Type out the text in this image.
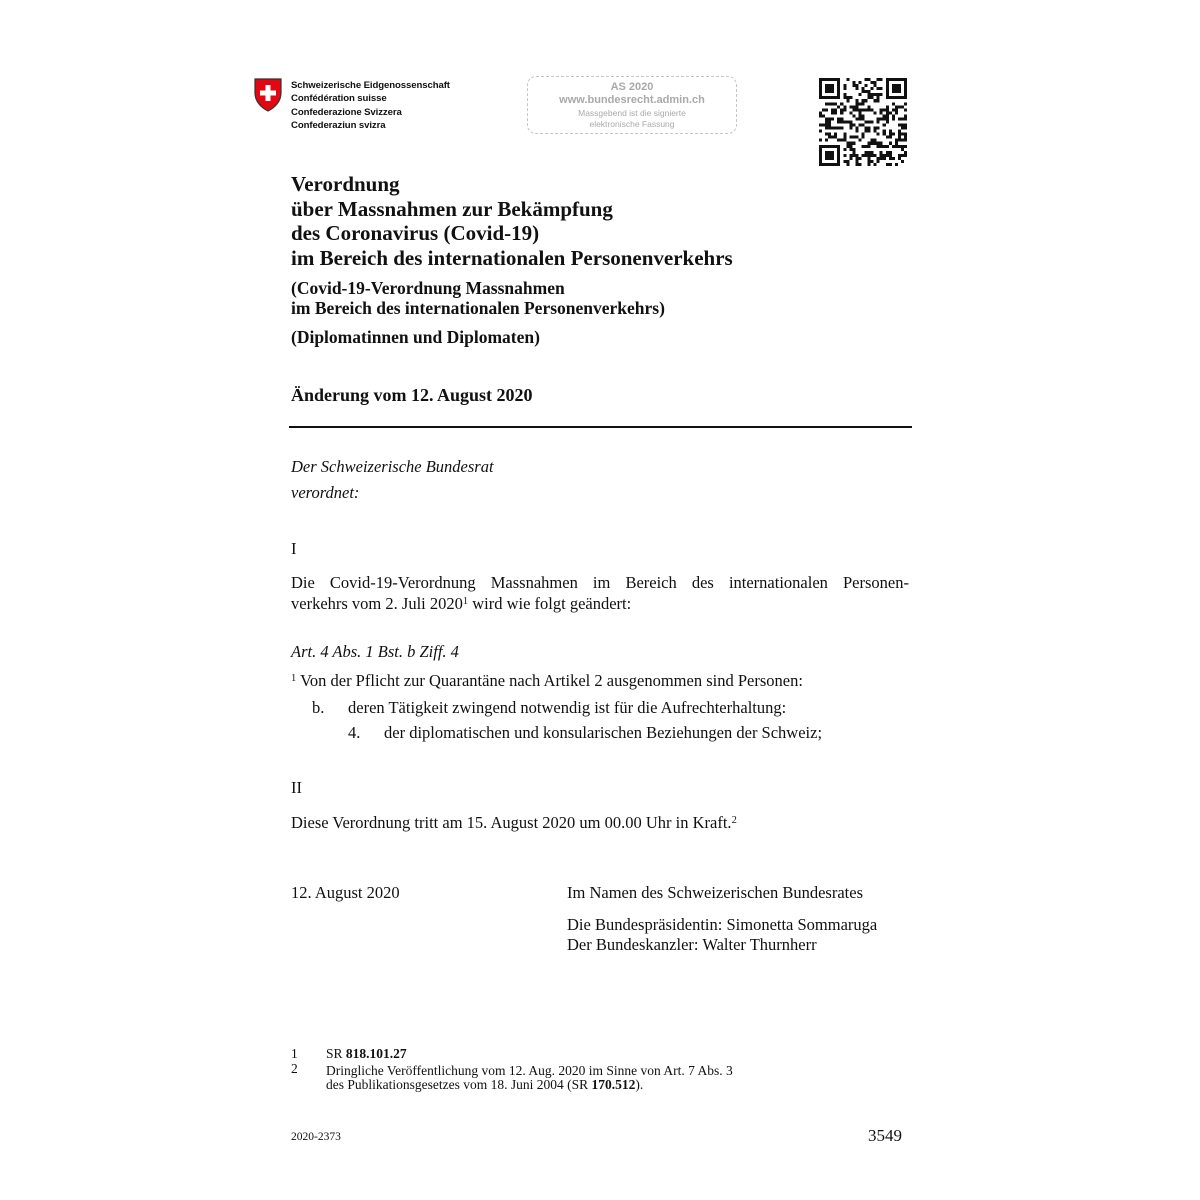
Schweizerische Eidgenossenschaft
Confédération suisse
Confederazione Svizzera
Confederaziun svizra
AS 2020
www.bundesrecht.admin.ch
Massgebend ist die signierte
elektronische Fassung
Verordnung
über Massnahmen zur Bekämpfung
des Coronavirus (Covid-19)
im Bereich des internationalen Personenverkehrs
(Covid-19-Verordnung Massnahmen
im Bereich des internationalen Personenverkehrs)
(Diplomatinnen und Diplomaten)
Änderung vom 12. August 2020
Der Schweizerische Bundesrat
verordnet:
I
Die Covid-19-Verordnung Massnahmen im Bereich des internationalen Personen-
verkehrs vom 2. Juli 2020$^1$ wird wie folgt geändert:
Art. 4 Abs. 1 Bst. b Ziff. 4
$^1$ Von der Pflicht zur Quarantäne nach Artikel 2 ausgenommen sind Personen:
b. deren Tätigkeit zwingend notwendig ist für die Aufrechterhaltung:
4. der diplomatischen und konsularischen Beziehungen der Schweiz;
II
Diese Verordnung tritt am 15. August 2020 um 00.00 Uhr in Kraft.$^2$
12. August 2020	Im Namen des Schweizerischen Bundesrates
Die Bundespräsidentin: Simonetta Sommaruga
Der Bundeskanzler: Walter Thurnherr
1 SR 818.101.27
2 Dringliche Veröffentlichung vom 12. Aug. 2020 im Sinne von Art. 7 Abs. 3
des Publikationsgesetzes vom 18. Juni 2004 (SR 170.512).
2020-2373	3549
